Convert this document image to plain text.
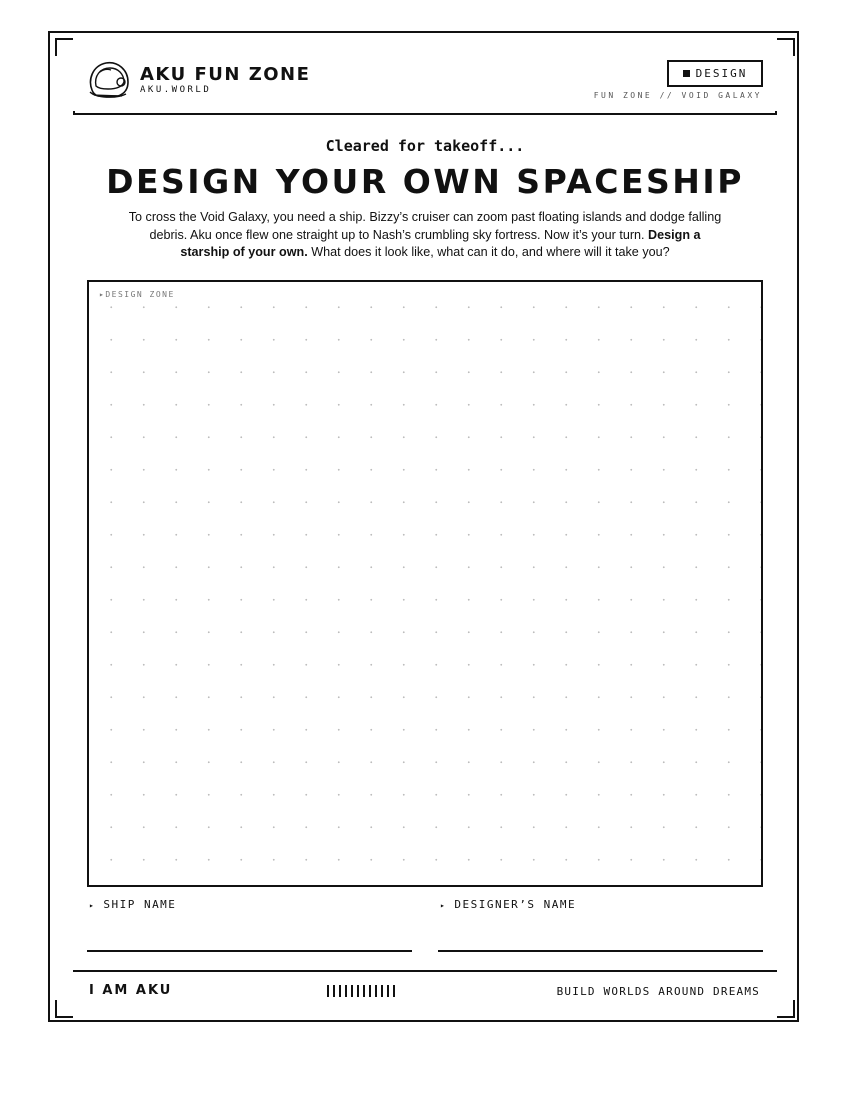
AKU FUN ZONE
AKU.WORLD
DESIGN
FUN ZONE // VOID GALAXY
Cleared for takeoff...
DESIGN YOUR OWN SPACESHIP

To cross the Void Galaxy, you need a ship. Bizzy’s cruiser can zoom past floating islands and dodge falling debris. Aku once flew one straight up to Nash’s crumbling sky fortress. Now it’s your turn. Design a starship of your own. What does it look like, what can it do, and where will it take you?

▸DESIGN ZONE
▸ SHIP NAME	▸ DESIGNER’S NAME
I AM AKU	BUILD WORLDS AROUND DREAMS
